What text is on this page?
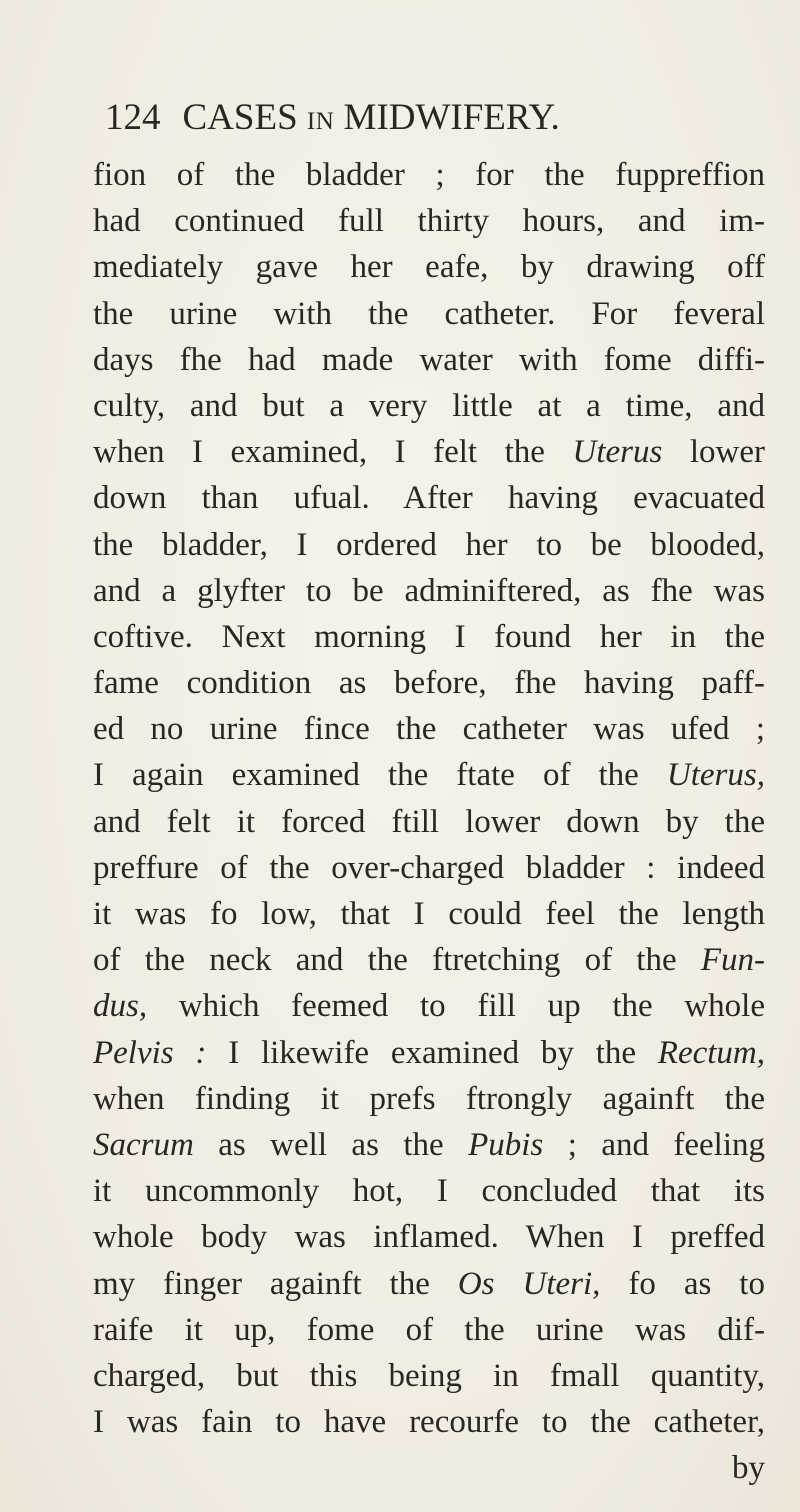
124 CASES IN MIDWIFERY.
fion of the bladder ; for the fuppreffion
had continued full thirty hours, and im-
mediately gave her eafe, by drawing off
the urine with the catheter. For feveral
days fhe had made water with fome diffi-
culty, and but a very little at a time, and
when I examined, I felt the Uterus lower
down than ufual. After having evacuated
the bladder, I ordered her to be blooded,
and a glyfter to be adminiftered, as fhe was
coftive. Next morning I found her in the
fame condition as before, fhe having paff-
ed no urine fince the catheter was ufed ;
I again examined the ftate of the Uterus,
and felt it forced ftill lower down by the
preffure of the over-charged bladder : indeed
it was fo low, that I could feel the length
of the neck and the ftretching of the Fun-
dus, which feemed to fill up the whole
Pelvis : I likewife examined by the Rectum,
when finding it prefs ftrongly againft the
Sacrum as well as the Pubis ; and feeling
it uncommonly hot, I concluded that its
whole body was inflamed. When I preffed
my finger againft the Os Uteri, fo as to
raife it up, fome of the urine was dif-
charged, but this being in fmall quantity,
I was fain to have recourfe to the catheter,
by
